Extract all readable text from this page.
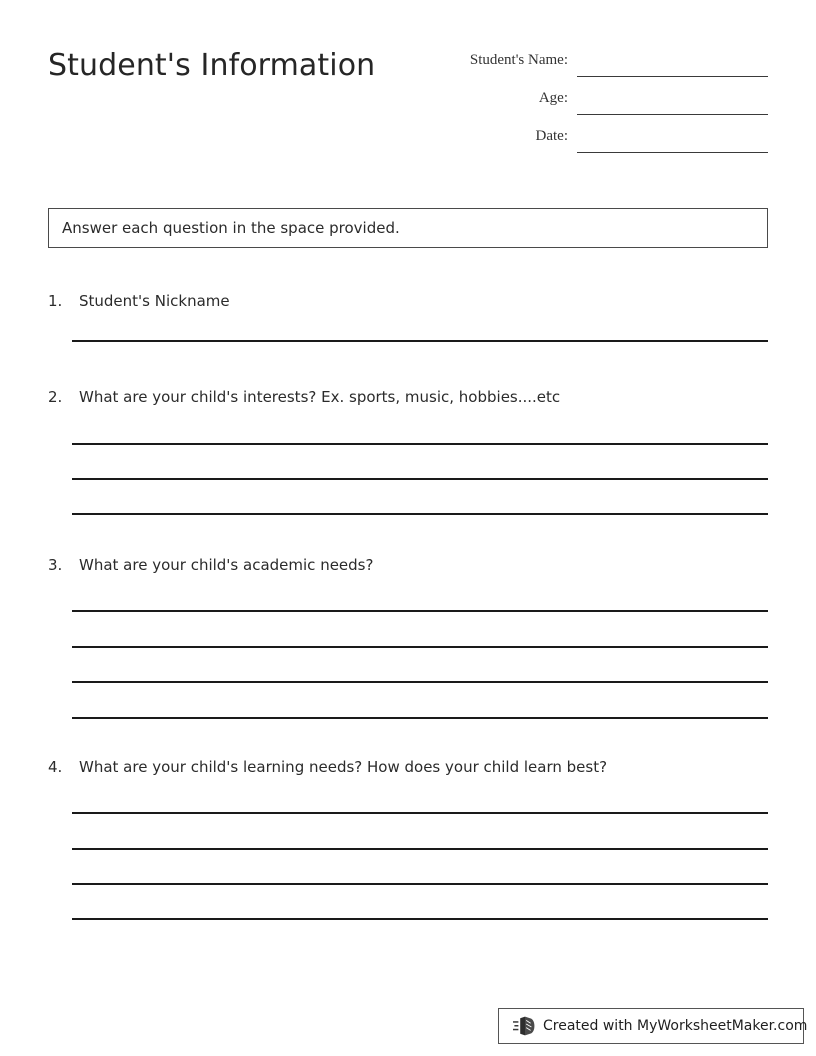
Student's Information	Student's Name:
Age:
Date:
Answer each question in the space provided.
1.	Student's Nickname
2.	What are your child's interests? Ex. sports, music, hobbies....etc
3.	What are your child's academic needs?
4.	What are your child's learning needs? How does your child learn best?
Created with MyWorksheetMaker.com
